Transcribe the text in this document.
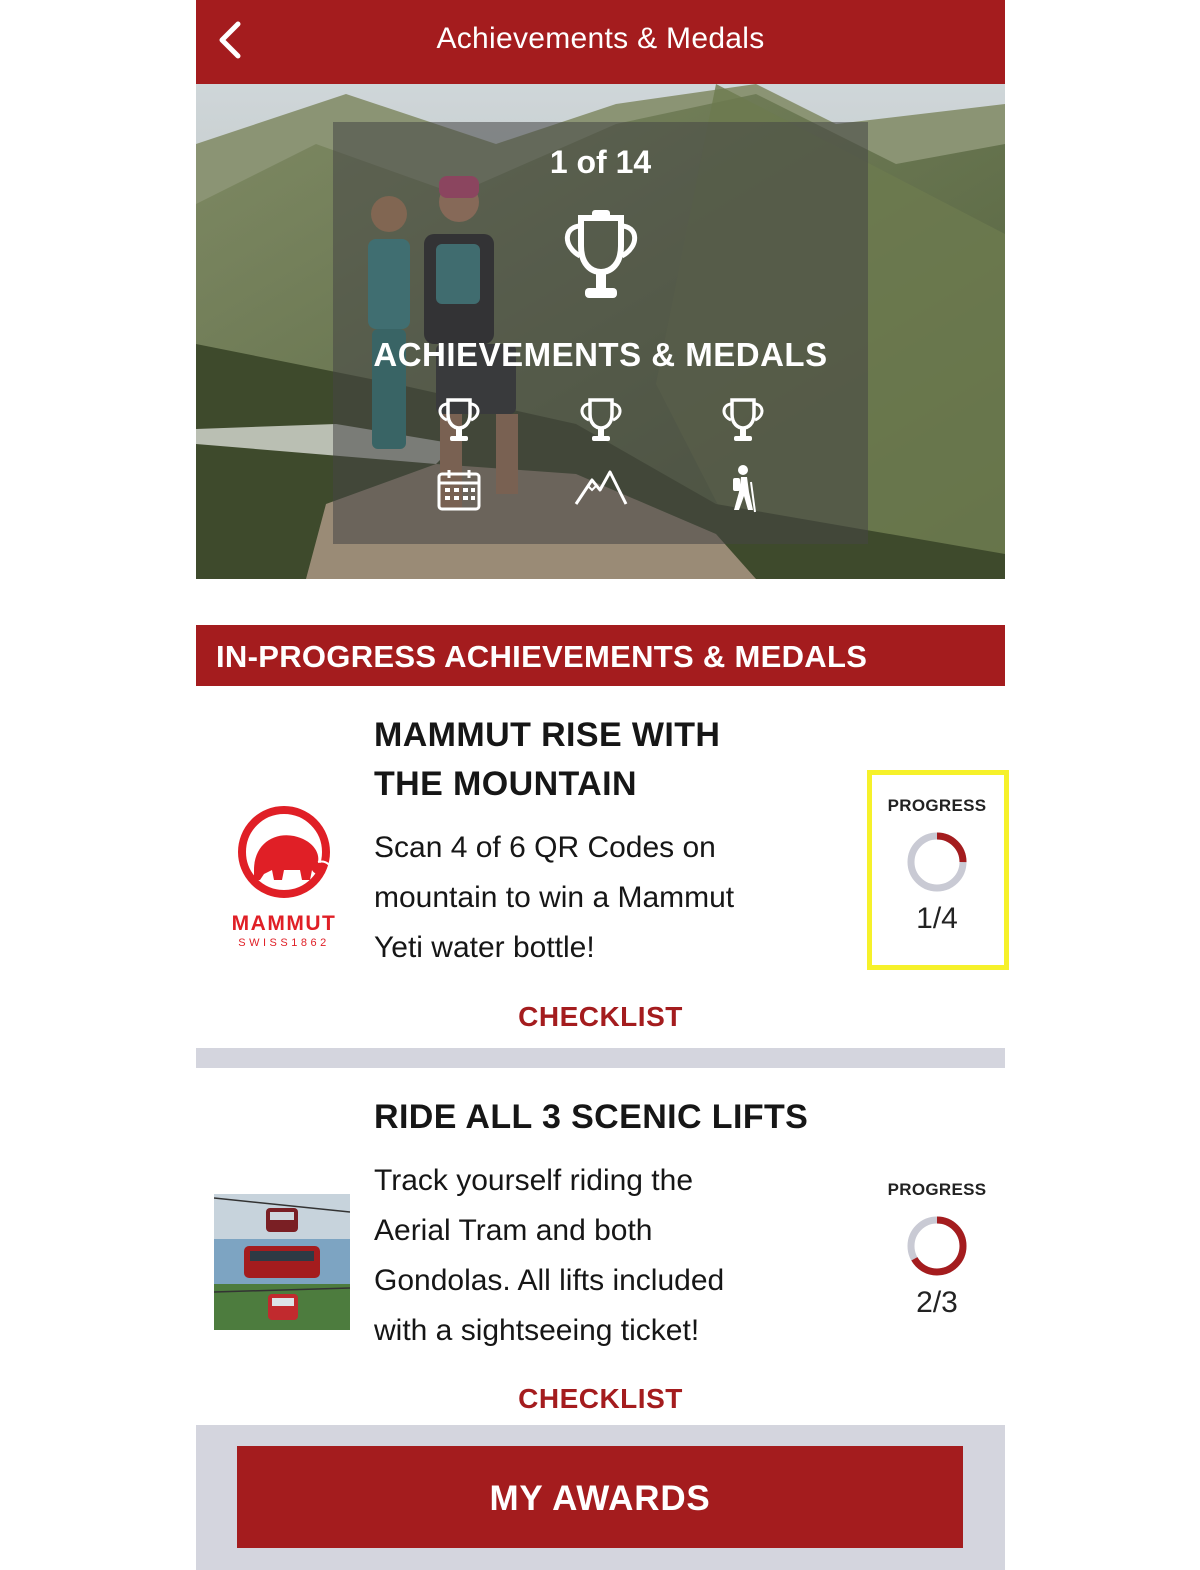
Achievements & Medals
1 of 14
ACHIEVEMENTS & MEDALS
IN-PROGRESS ACHIEVEMENTS & MEDALS
MAMMUT
SWISS1862
MAMMUT RISE WITH
THE MOUNTAIN
Scan 4 of 6 QR Codes on
mountain to win a Mammut
Yeti water bottle!
PROGRESS
1/4
CHECKLIST
RIDE ALL 3 SCENIC LIFTS
Track yourself riding the
Aerial Tram and both
Gondolas. All lifts included
with a sightseeing ticket!
PROGRESS
2/3
CHECKLIST
MY AWARDS
